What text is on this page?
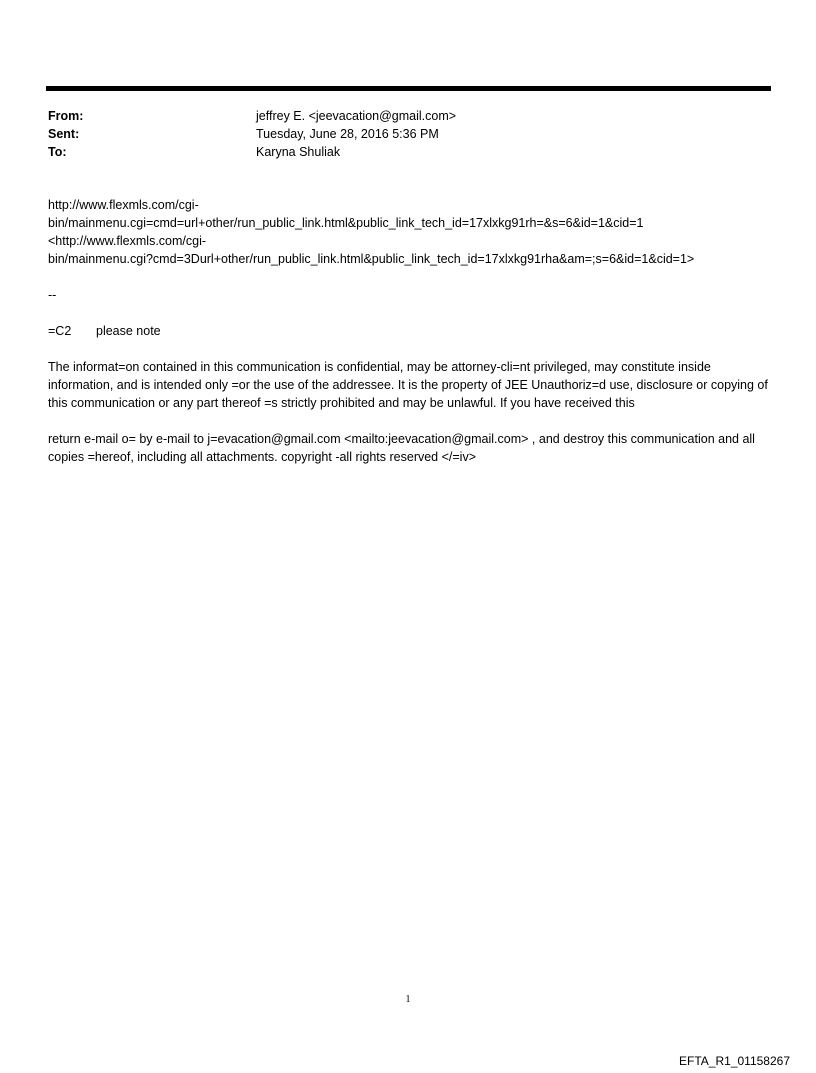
From:	jeffrey E. <jeevacation@gmail.com>
Sent:	Tuesday, June 28, 2016 5:36 PM
To:	Karyna Shuliak

http://www.flexmls.com/cgi-

bin/mainmenu.cgi=cmd=url+other/run_public_link.html&public_link_tech_id=17xlxkg91rh=&s=6&id=1&cid=1

<http://www.flexmls.com/cgi-

bin/mainmenu.cgi?cmd=3Durl+other/run_public_link.html&public_link_tech_id=17xlxkg91rha&am=;s=6&id=1&cid=1>

--

=C2 please note

The informat=on contained in this communication is confidential, may be attorney-cli=nt privileged, may constitute inside information, and is intended only =or the use of the addressee. It is the property of JEE Unauthoriz=d use, disclosure or copying of this communication or any part thereof =s strictly prohibited and may be unlawful. If you have received this

return e-mail o= by e-mail to j=evacation@gmail.com <mailto:jeevacation@gmail.com> , and destroy this communication and all copies =hereof, including all attachments. copyright -all rights reserved </=iv>

1
EFTA_R1_01158267
